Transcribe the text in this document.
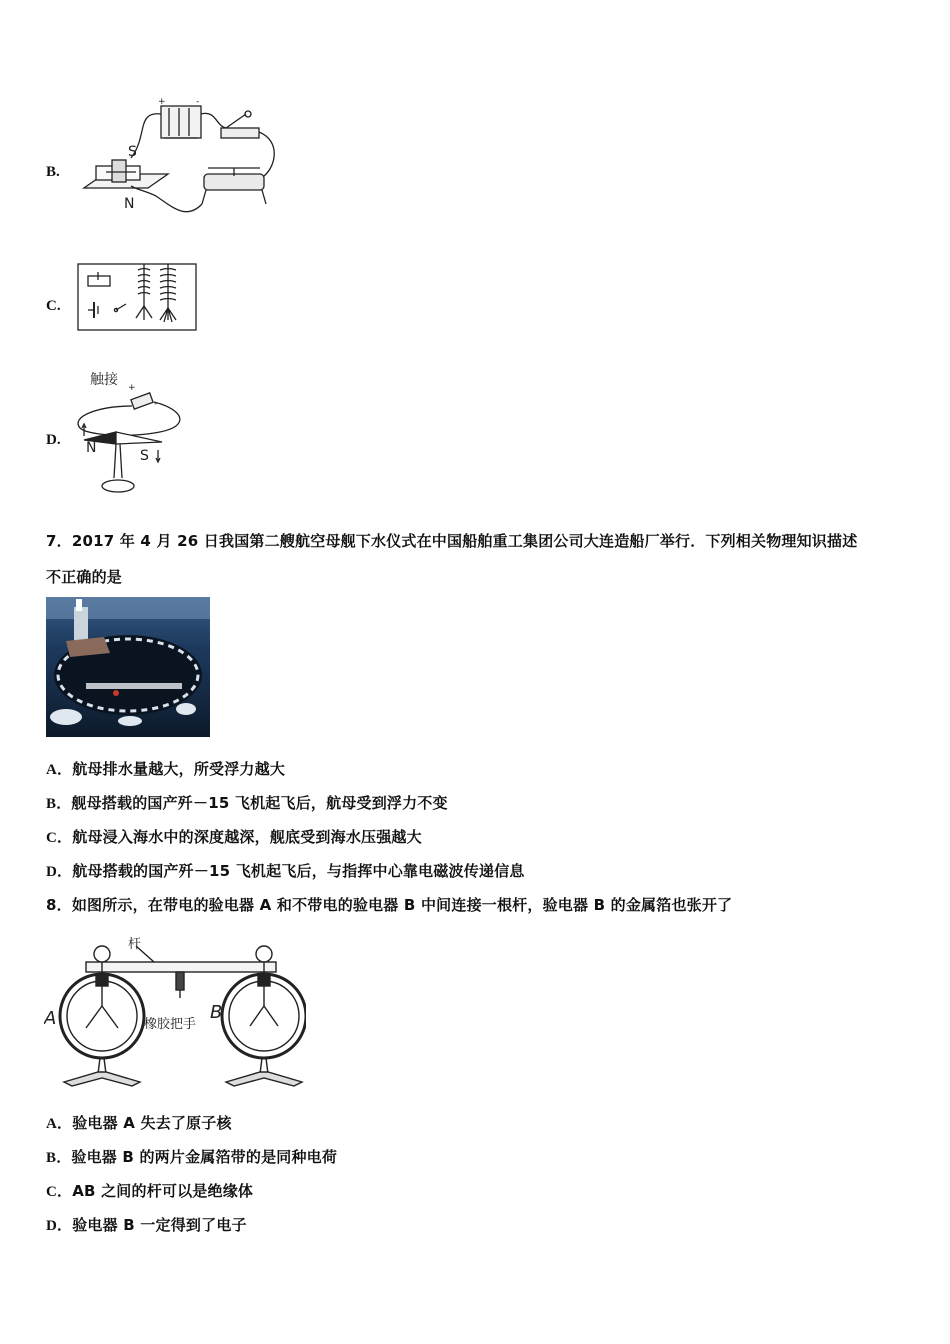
B.
+	-
S
N
C.
D.
触接 +
-
N	S
7．2017 年 4 月 26 日我国第二艘航空母舰下水仪式在中国船舶重工集团公司大连造船厂举行．下列相关物理知识描述
不正确的是
A．航母排水量越大，所受浮力越大
B．舰母搭载的国产歼－15 飞机起飞后，航母受到浮力不变
C．航母浸入海水中的深度越深，舰底受到海水压强越大
D．航母搭载的国产歼－15 飞机起飞后，与指挥中心靠电磁波传递信息
8．如图所示，在带电的验电器 A 和不带电的验电器 B 中间连接一根杆，验电器 B 的金属箔也张开了
杆
橡胶把手
A	B
A．验电器 A 失去了原子核
B．验电器 B 的两片金属箔带的是同种电荷
C．AB 之间的杆可以是绝缘体
D．验电器 B 一定得到了电子
